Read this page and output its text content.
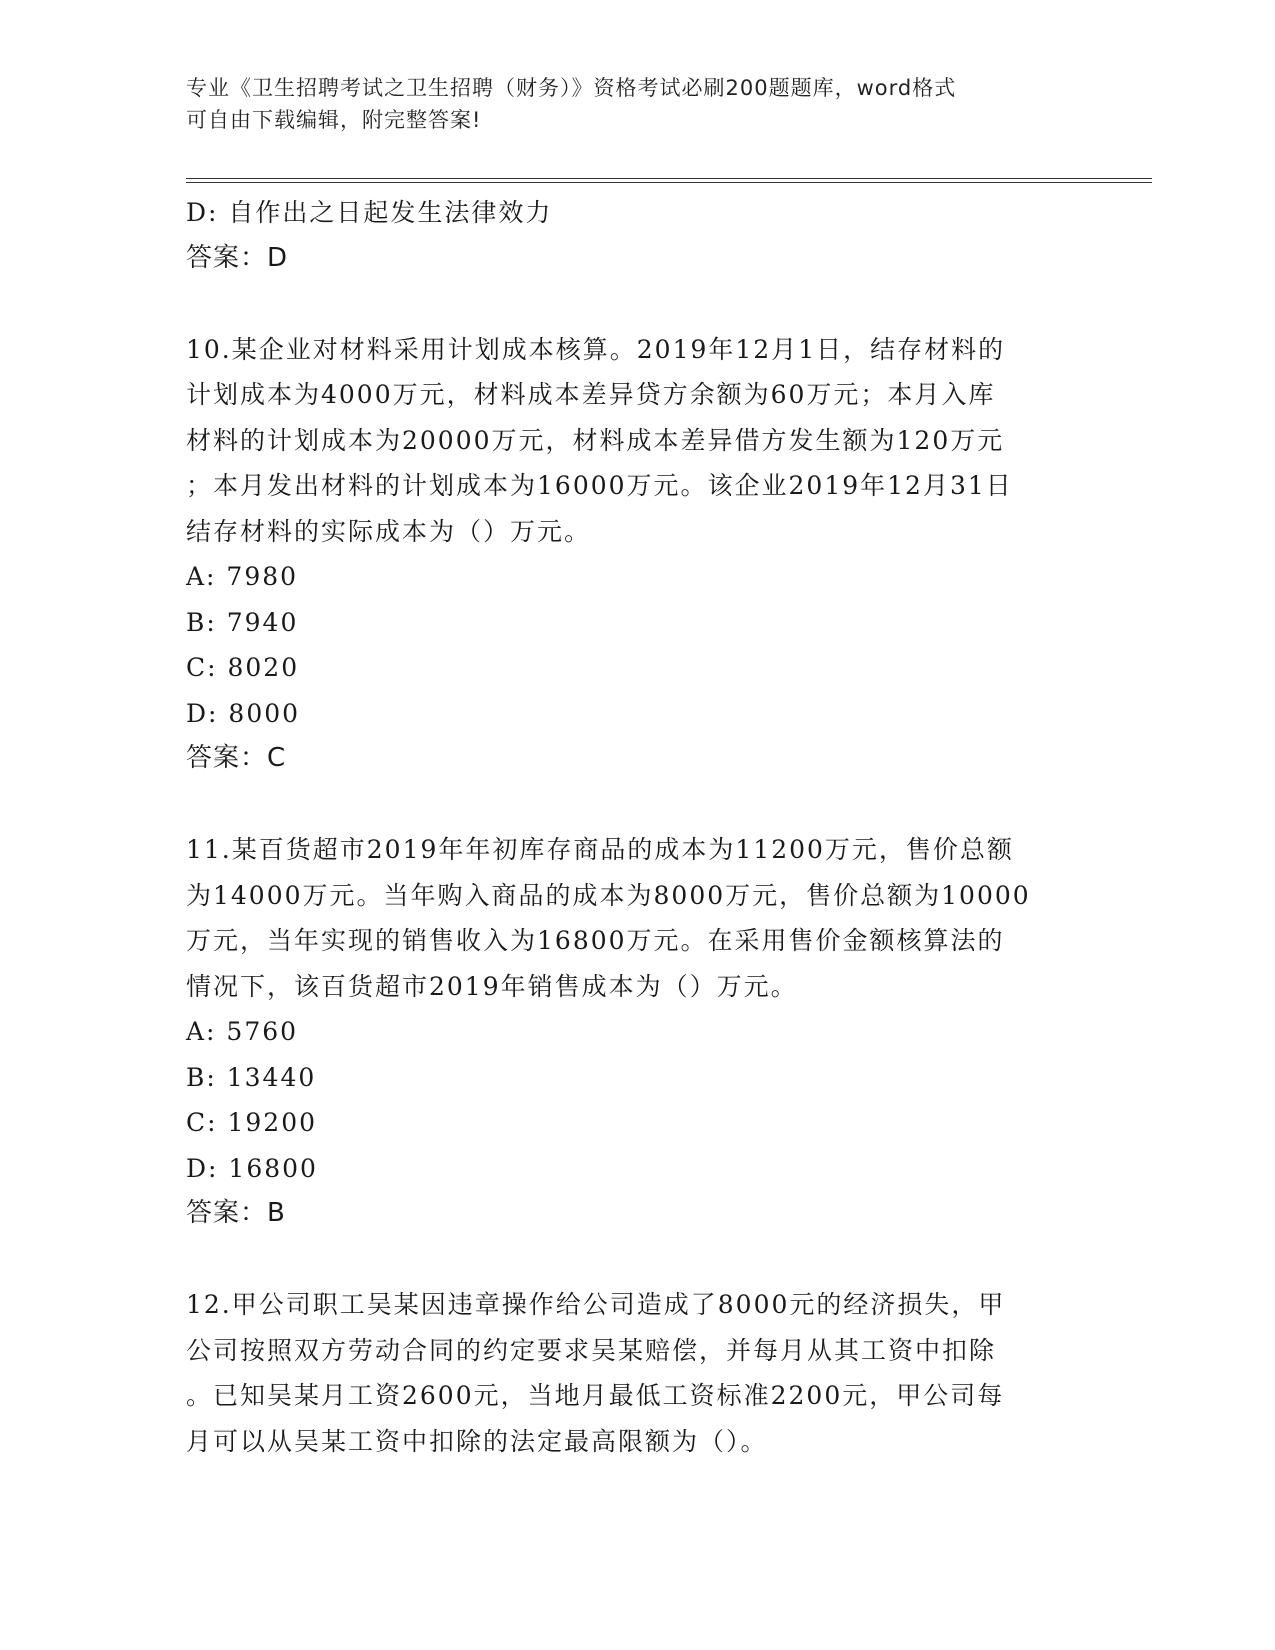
专业《卫生招聘考试之卫生招聘（财务）》资格考试必刷200题题库，word格式
可自由下载编辑，附完整答案!
D: 自作出之日起发生法律效力
答案：D
10.某企业对材料采用计划成本核算。2019年12月1日，结存材料的
计划成本为4000万元，材料成本差异贷方余额为60万元；本月入库
材料的计划成本为20000万元，材料成本差异借方发生额为120万元
；本月发出材料的计划成本为16000万元。该企业2019年12月31日
结存材料的实际成本为（）万元。
A: 7980
B: 7940
C: 8020
D: 8000
答案：C
11.某百货超市2019年年初库存商品的成本为11200万元，售价总额
为14000万元。当年购入商品的成本为8000万元，售价总额为10000
万元，当年实现的销售收入为16800万元。在采用售价金额核算法的
情况下，该百货超市2019年销售成本为（）万元。
A: 5760
B: 13440
C: 19200
D: 16800
答案：B
12.甲公司职工吴某因违章操作给公司造成了8000元的经济损失，甲
公司按照双方劳动合同的约定要求吴某赔偿，并每月从其工资中扣除
。已知吴某月工资2600元，当地月最低工资标准2200元，甲公司每
月可以从吴某工资中扣除的法定最高限额为（）。
